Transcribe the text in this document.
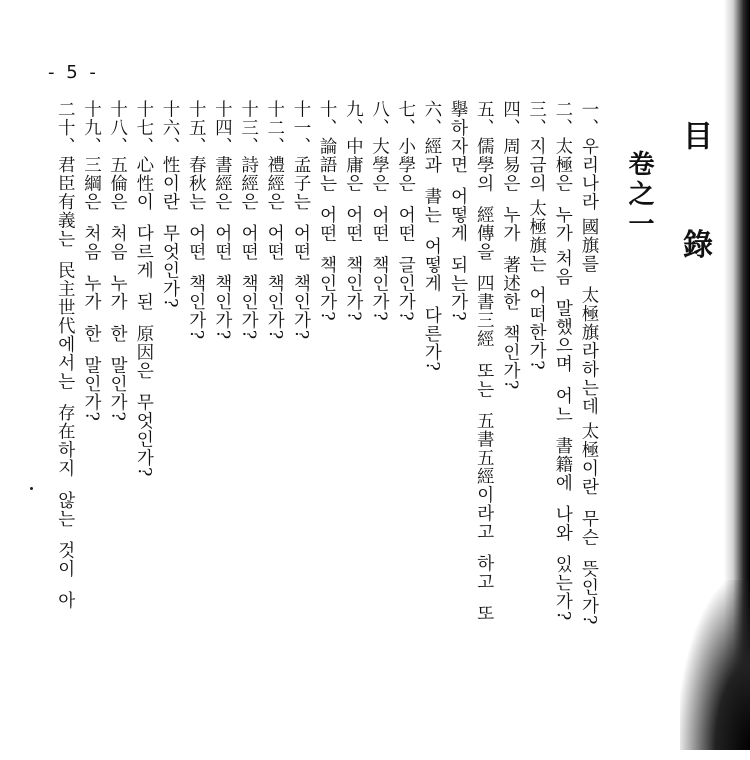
- 5 -
目 錄
卷之一
一、우리나라 國旗를  太極旗라하는데 太極이란  무슨  뜻인가?
二、太極은  누가 처음  말했으며  어느  書籍에  나와  있는가?
三、지금의 太極旗는  어떠한가?
四、周易은  누가  著述한  책인가?
五、儒學의  經傳을  四書三經  또는  五書五經이라고  하고  또
擧하자면  어떻게  되는가?
六、經과  書는  어떻게  다른가?
七、小學은  어떤  글인가?
八、大學은  어떤  책인가?
九、中庸은  어떤  책인가?
十、論語는  어떤  책인가?
十一、孟子는  어떤  책인가?
十二、禮經은  어떤  책인가?
十三、詩經은  어떤  책인가?
十四、書經은  어떤  책인가?
十五、春秋는  어떤  책인가?
十六、性이란  무엇인가?
十七、心性이  다르게  된  原因은  무엇인가?
十八、五倫은  처음  누가  한  말인가?
十九、三綱은  처음  누가  한  말인가?
二十、君臣有義는  民主世代에서는  存在하지  않는  것이  아
